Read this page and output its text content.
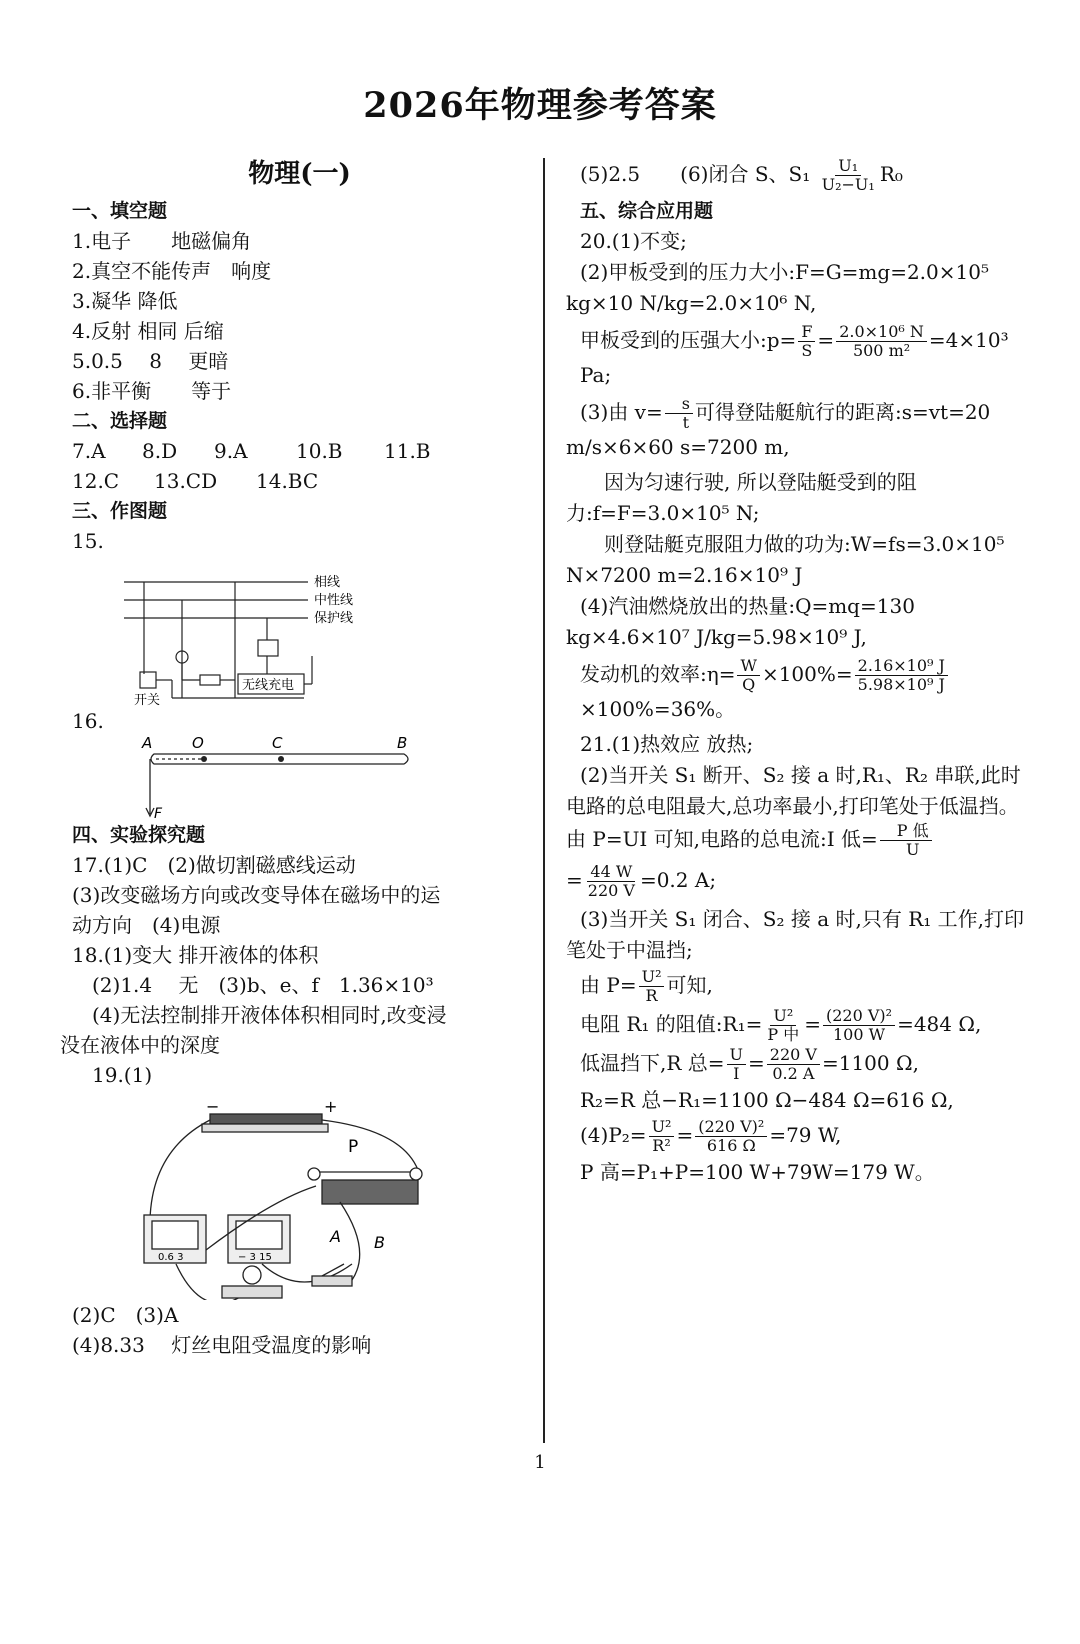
2026年物理参考答案
物理(一)
一、填空题
1.电子　　地磁偏角
2.真空不能传声　响度
3.凝华 降低
4.反射 相同 后缩
5.0.5　 8　 更暗
6.非平衡　　等于
二、选择题
7.A 8.D 9.A 10.B 11.B
12.C 13.CD 14.BC
三、作图题
15.
相线
中性线
保护线
开关
无线充电
16.
A	O	C	B
F
四、实验探究题
17.(1)C　(2)做切割磁感线运动
(3)改变磁场方向或改变导体在磁场中的运
动方向　(4)电源
18.(1)变大 排开液体的体积
(2)1.4　 无　(3)b、e、f　1.36×10³
(4)无法控制排开液体体积相同时,改变浸
没在液体中的深度
19.(1)
−	+
P
A B
0.6 3	− 3 15
(2)C　(3)A
(4)8.33　 灯丝电阻受温度的影响
(5)2.5　　(6)闭合 S、$S_1 \frac{\text{U₁}}{\text{U₂−U₁}} R_0$
五、综合应用题
20.(1)不变;
(2)甲板受到的压力大小:F=G=mg=2.0×10⁵ kg×10 N/kg=2.0×10⁶ N,
甲板受到的压强大小:p= $\frac{F}{S} = \frac{\text{2.0×10⁶ N}}{\text{500 m²}} =4\times 10^3$ Pa;
(3)由 $v= \frac{s}{t}$ 可得登陆艇航行的距离:s=vt=20 m/s×6×60 s=7200 m,
因为匀速行驶, 所以登陆艇受到的阻力:f=F=3.0×10⁵ N;
则登陆艇克服阻力做的功为:W=fs=3.0×10⁵ N×7200 m=2.16×10⁹ J
(4)汽油燃烧放出的热量:Q=mq=130 kg×4.6×10⁷ J/kg=5.98×10⁹ J,
发动机的效率:η= $\frac{W}{Q} \times 100\%= \frac{\text{2.16×10⁹ J}}{\text{5.98×10⁹ J}}$
×100%=36%。
21.(1)热效应 放热;
(2)当开关 S₁ 断开、S₂ 接 a 时,R₁、R₂ 串联,此时电路的总电阻最大,总功率最小,打印笔处于低温挡。由 P=UI 可知,电路的总电流:I 低= $\frac{\text{P 低}}{U}$
= $\frac{44 W}{220 V} =0.2$ A;
(3)当开关 S₁ 闭合、S₂ 接 a 时,只有 R₁ 工作,打印笔处于中温挡;
由 $P= \frac{\text{U²}}{R}$ 可知,
电阻 R₁ 的阻值:R₁= $\frac{\text{U²}}{\text{P 中}} = \frac{\text{(220 V)²}}{100 W} =484$ Ω,
低温挡下,R 总= $\frac{U}{I} = \frac{220 V}{0.2 A} =1100$ Ω,
R₂=R 总−R₁=1100 Ω−484 Ω=616 Ω,
$(4)P_2= \frac{\text{U²}}{\text{R²}} = \frac{\text{(220 V)²}}{616 \Omega} =79$ W,
P 高=P₁+P=100 W+79W=179 W。
1
